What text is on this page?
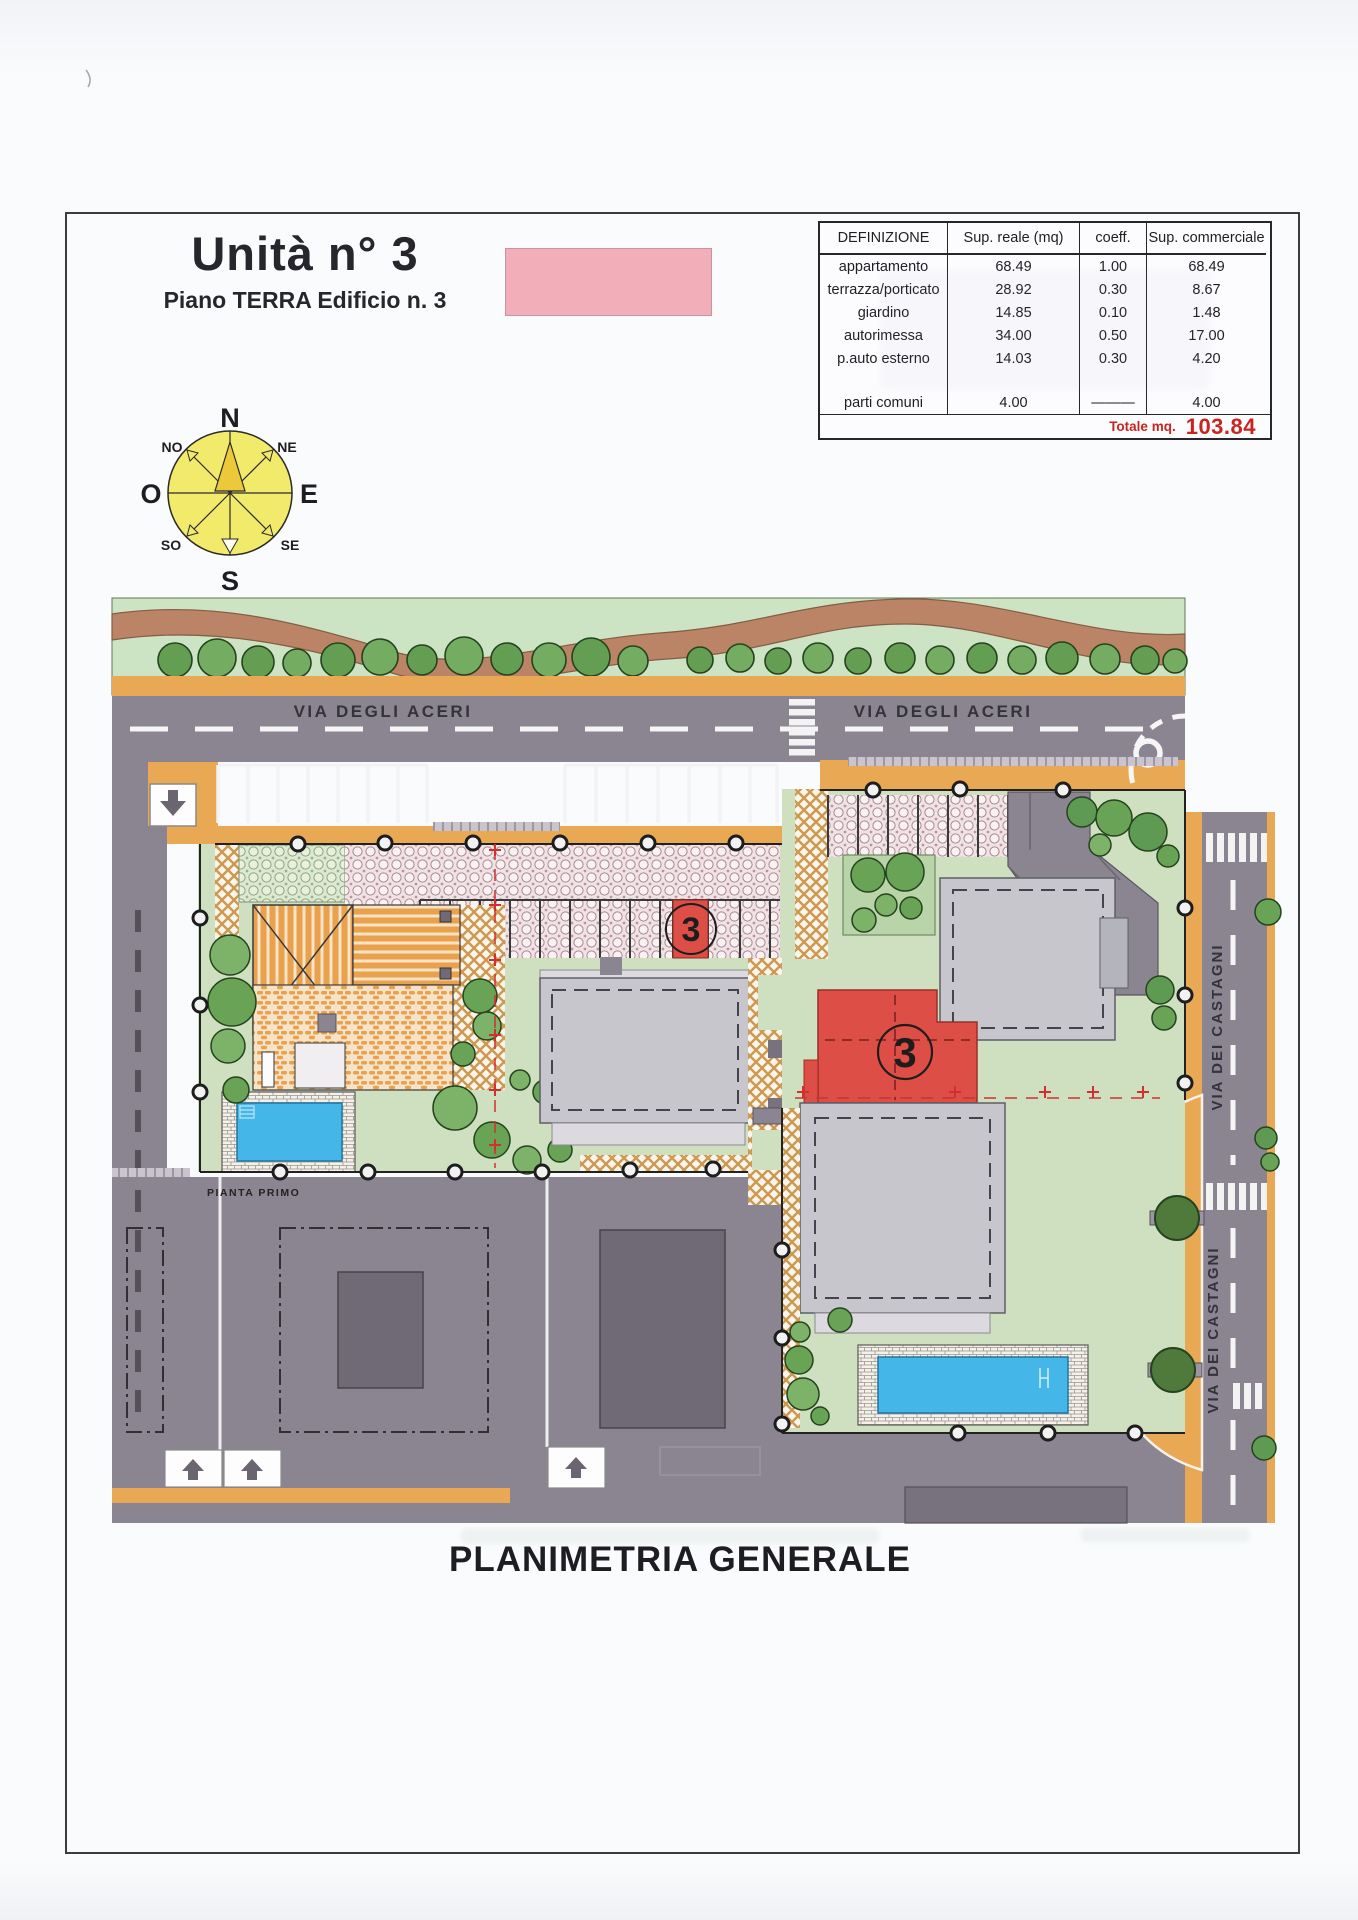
Unità n° 3
Piano TERRA Edificio n. 3
DEFINIZIONE	Sup. reale (mq)	coeff.	Sup. commerciale
appartamento	68.49	1.00	68.49
terrazza/porticato	28.92	0.30	8.67
giardino	14.85	0.10	1.48
autorimessa	34.00	0.50	17.00
p.auto esterno	14.03	0.30	4.20
parti comuni	4.00	———	4.00
Totale mq. 103.84
3
3
VIA DEGLI ACERI	VIA DEGLI ACERI
VIA DEI CASTAGNI
VIA DEI CASTAGNI
PIANTA PRIMO
N
S
E
O
NE
NO
SE
SO
PLANIMETRIA GENERALE
